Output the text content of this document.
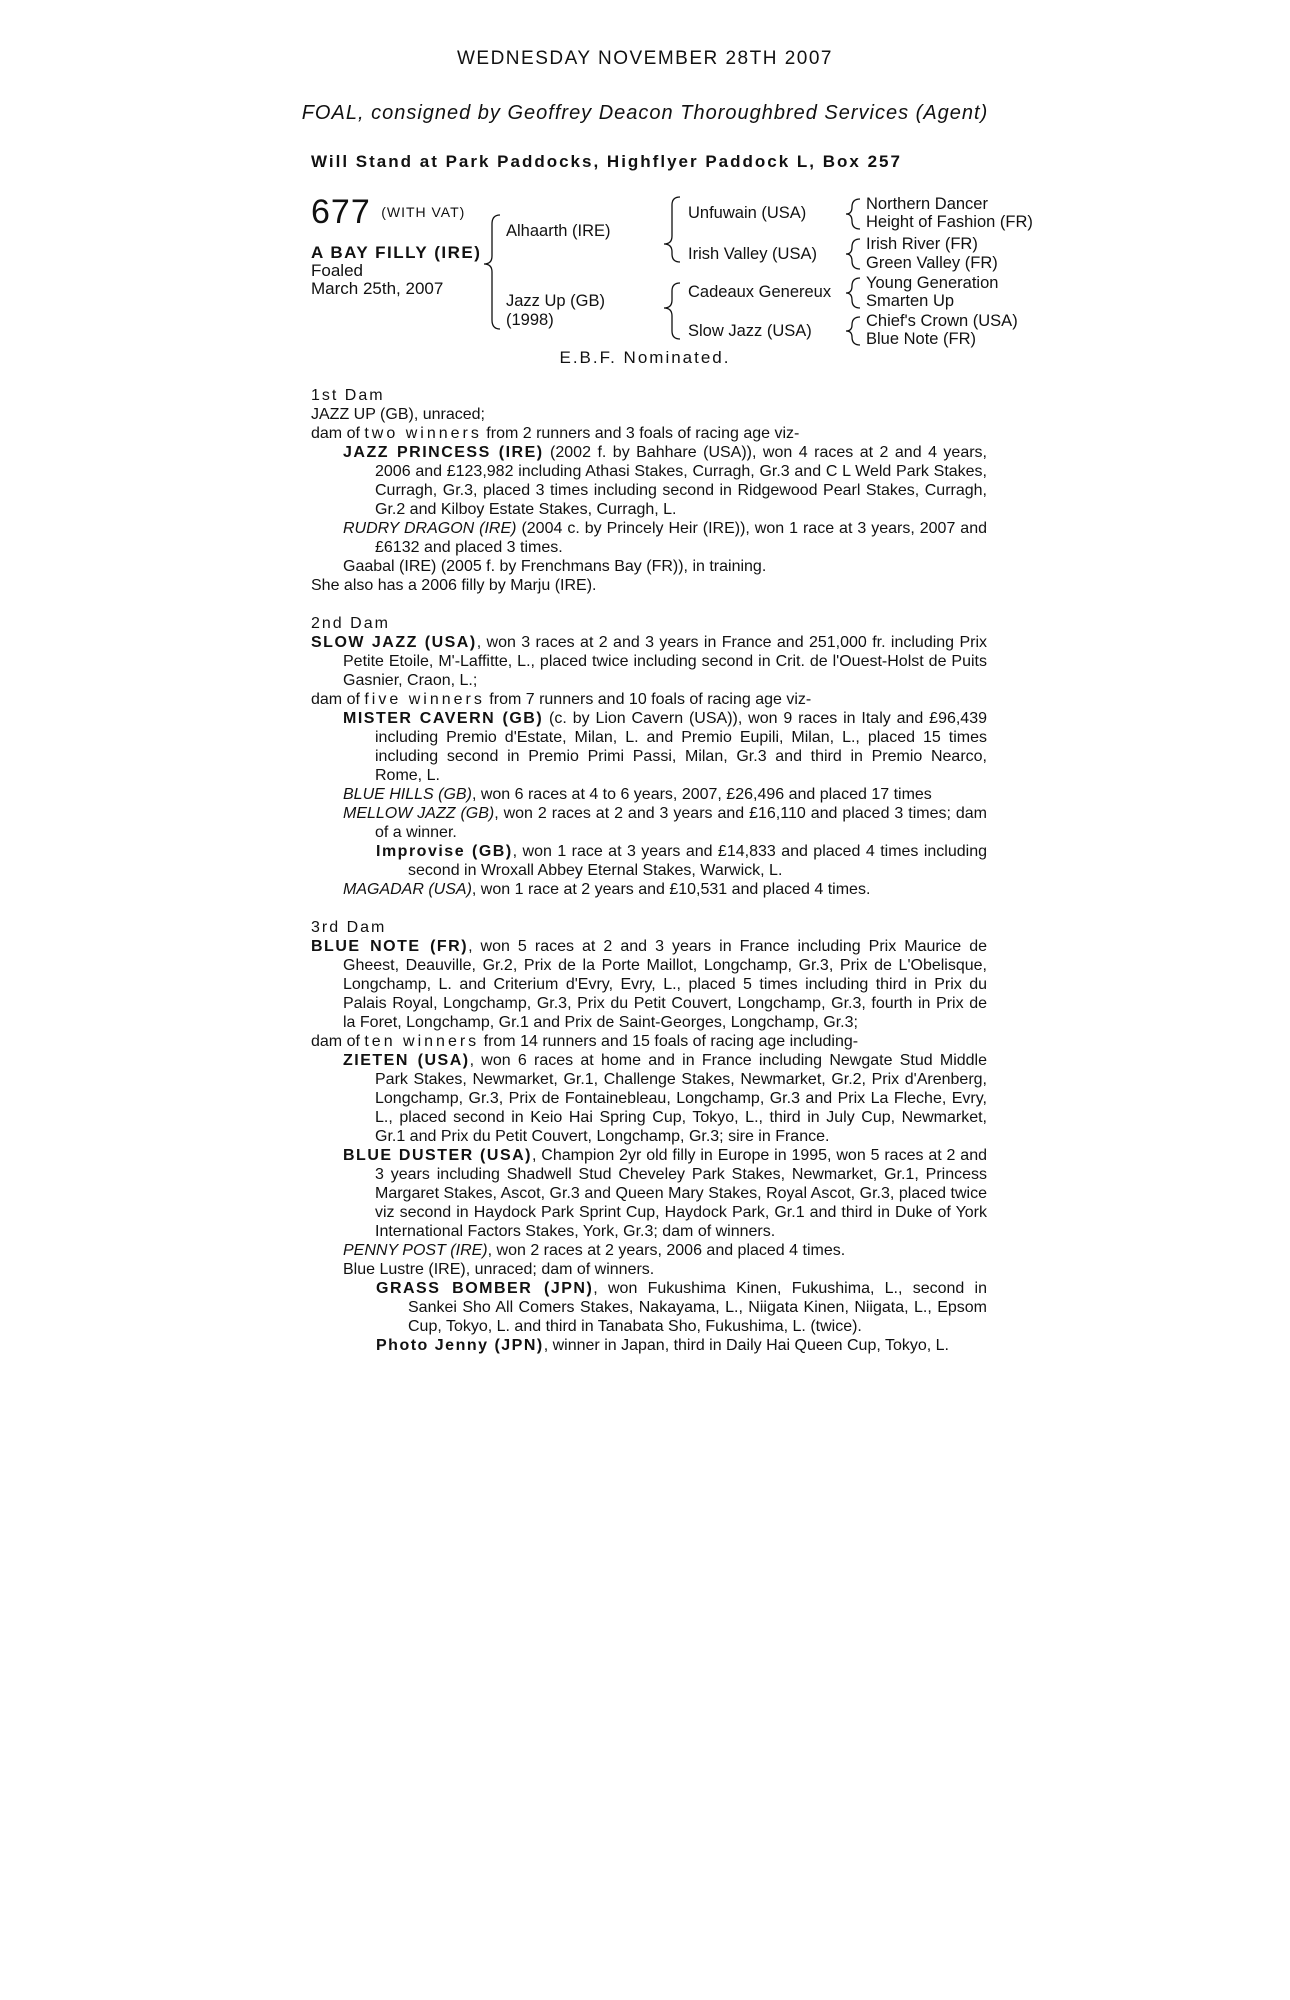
WEDNESDAY NOVEMBER 28TH 2007
FOAL, consigned by Geoffrey Deacon Thoroughbred Services (Agent)
Will Stand at Park Paddocks, Highflyer Paddock L, Box 257
677 (WITH VAT)
A BAY FILLY (IRE)
Foaled
March 25th, 2007
Alhaarth (IRE)
Jazz Up (GB)
(1998)
Unfuwain (USA)
Irish Valley (USA)
Cadeaux Genereux
Slow Jazz (USA)
Northern Dancer
Height of Fashion (FR)
Irish River (FR)
Green Valley (FR)
Young Generation
Smarten Up
Chief's Crown (USA)
Blue Note (FR)
E.B.F. Nominated.

1st Dam

JAZZ UP (GB), unraced;

dam of two winners from 2 runners and 3 foals of racing age viz-

JAZZ PRINCESS (IRE) (2002 f. by Bahhare (USA)), won 4 races at 2 and 4 years, 2006 and £123,982 including Athasi Stakes, Curragh, Gr.3 and C L Weld Park Stakes, Curragh, Gr.3, placed 3 times including second in Ridgewood Pearl Stakes, Curragh, Gr.2 and Kilboy Estate Stakes, Curragh, L.

RUDRY DRAGON (IRE) (2004 c. by Princely Heir (IRE)), won 1 race at 3 years, 2007 and £6132 and placed 3 times.

Gaabal (IRE) (2005 f. by Frenchmans Bay (FR)), in training.

She also has a 2006 filly by Marju (IRE).

2nd Dam

SLOW JAZZ (USA), won 3 races at 2 and 3 years in France and 251,000 fr. including Prix Petite Etoile, M'-Laffitte, L., placed twice including second in Crit. de l'Ouest-Holst de Puits Gasnier, Craon, L.;

dam of five winners from 7 runners and 10 foals of racing age viz-

MISTER CAVERN (GB) (c. by Lion Cavern (USA)), won 9 races in Italy and £96,439 including Premio d'Estate, Milan, L. and Premio Eupili, Milan, L., placed 15 times including second in Premio Primi Passi, Milan, Gr.3 and third in Premio Nearco, Rome, L.

BLUE HILLS (GB), won 6 races at 4 to 6 years, 2007, £26,496 and placed 17 times

MELLOW JAZZ (GB), won 2 races at 2 and 3 years and £16,110 and placed 3 times; dam of a winner.

Improvise (GB), won 1 race at 3 years and £14,833 and placed 4 times including second in Wroxall Abbey Eternal Stakes, Warwick, L.

MAGADAR (USA), won 1 race at 2 years and £10,531 and placed 4 times.

3rd Dam

BLUE NOTE (FR), won 5 races at 2 and 3 years in France including Prix Maurice de Gheest, Deauville, Gr.2, Prix de la Porte Maillot, Longchamp, Gr.3, Prix de L'Obelisque, Longchamp, L. and Criterium d'Evry, Evry, L., placed 5 times including third in Prix du Palais Royal, Longchamp, Gr.3, Prix du Petit Couvert, Longchamp, Gr.3, fourth in Prix de la Foret, Longchamp, Gr.1 and Prix de Saint-Georges, Longchamp, Gr.3;

dam of ten winners from 14 runners and 15 foals of racing age including-

ZIETEN (USA), won 6 races at home and in France including Newgate Stud Middle Park Stakes, Newmarket, Gr.1, Challenge Stakes, Newmarket, Gr.2, Prix d'Arenberg, Longchamp, Gr.3, Prix de Fontainebleau, Longchamp, Gr.3 and Prix La Fleche, Evry, L., placed second in Keio Hai Spring Cup, Tokyo, L., third in July Cup, Newmarket, Gr.1 and Prix du Petit Couvert, Longchamp, Gr.3; sire in France.

BLUE DUSTER (USA), Champion 2yr old filly in Europe in 1995, won 5 races at 2 and 3 years including Shadwell Stud Cheveley Park Stakes, Newmarket, Gr.1, Princess Margaret Stakes, Ascot, Gr.3 and Queen Mary Stakes, Royal Ascot, Gr.3, placed twice viz second in Haydock Park Sprint Cup, Haydock Park, Gr.1 and third in Duke of York International Factors Stakes, York, Gr.3; dam of winners.

PENNY POST (IRE), won 2 races at 2 years, 2006 and placed 4 times.

Blue Lustre (IRE), unraced; dam of winners.

GRASS BOMBER (JPN), won Fukushima Kinen, Fukushima, L., second in Sankei Sho All Comers Stakes, Nakayama, L., Niigata Kinen, Niigata, L., Epsom Cup, Tokyo, L. and third in Tanabata Sho, Fukushima, L. (twice).

Photo Jenny (JPN), winner in Japan, third in Daily Hai Queen Cup, Tokyo, L.
